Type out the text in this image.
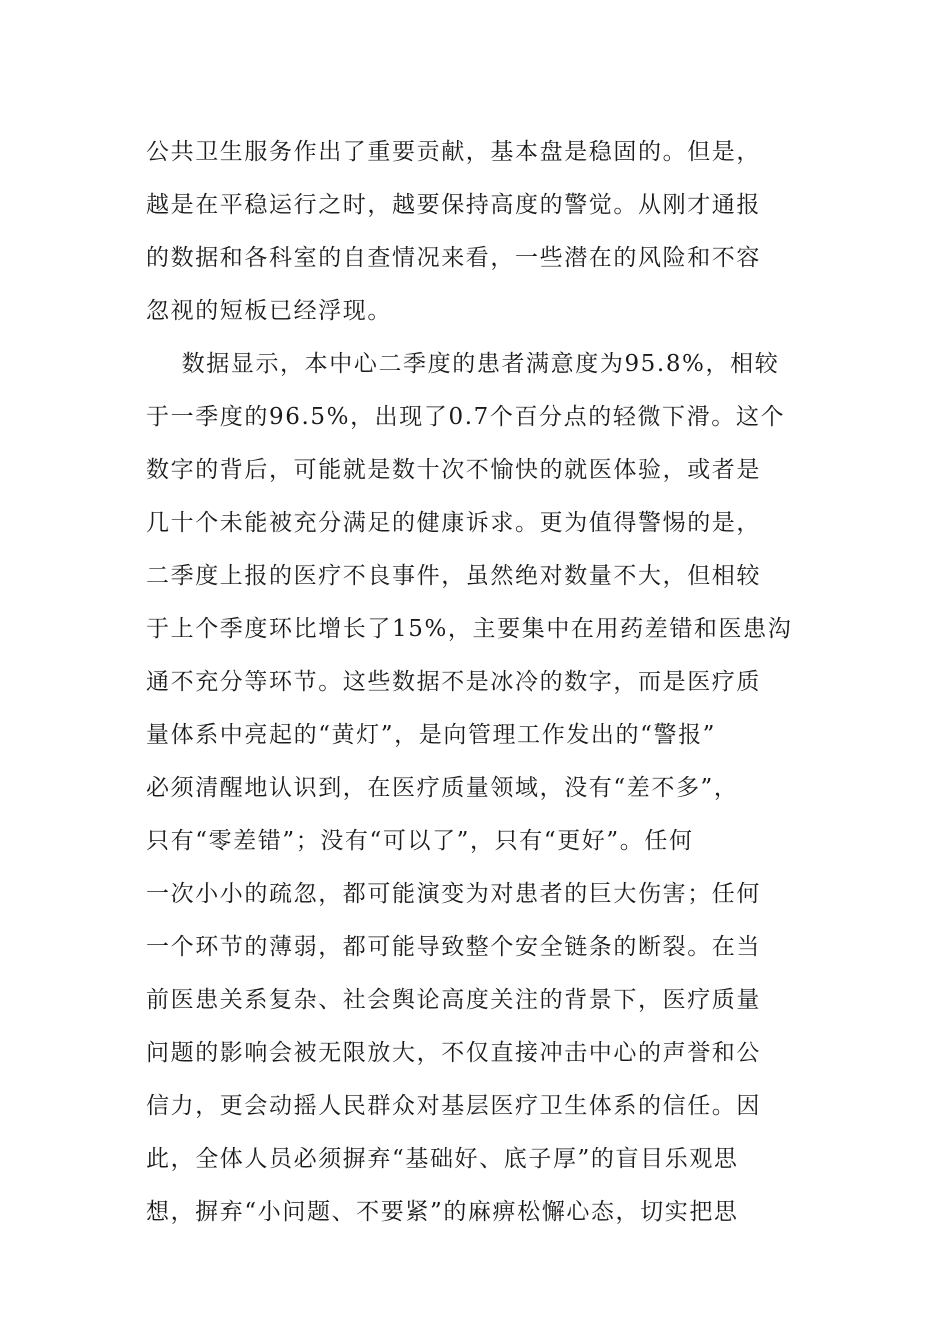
公共卫生服务作出了重要贡献，基本盘是稳固的。但是，
越是在平稳运行之时，越要保持高度的警觉。从刚才通报
的数据和各科室的自查情况来看，一些潜在的风险和不容
忽视的短板已经浮现。
数据显示，本中心二季度的患者满意度为95.8%，相较
于一季度的96.5%，出现了0.7个百分点的轻微下滑。这个
数字的背后，可能就是数十次不愉快的就医体验，或者是
几十个未能被充分满足的健康诉求。更为值得警惕的是，
二季度上报的医疗不良事件，虽然绝对数量不大，但相较
于上个季度环比增长了15%，主要集中在用药差错和医患沟
通不充分等环节。这些数据不是冰冷的数字，而是医疗质
量体系中亮起的“黄灯”，是向管理工作发出的“警报”
必须清醒地认识到，在医疗质量领域，没有“差不多”，
只有“零差错”；没有“可以了”，只有“更好”。任何
一次小小的疏忽，都可能演变为对患者的巨大伤害；任何
一个环节的薄弱，都可能导致整个安全链条的断裂。在当
前医患关系复杂、社会舆论高度关注的背景下，医疗质量
问题的影响会被无限放大，不仅直接冲击中心的声誉和公
信力，更会动摇人民群众对基层医疗卫生体系的信任。因
此，全体人员必须摒弃“基础好、底子厚”的盲目乐观思
想，摒弃“小问题、不要紧”的麻痹松懈心态，切实把思
